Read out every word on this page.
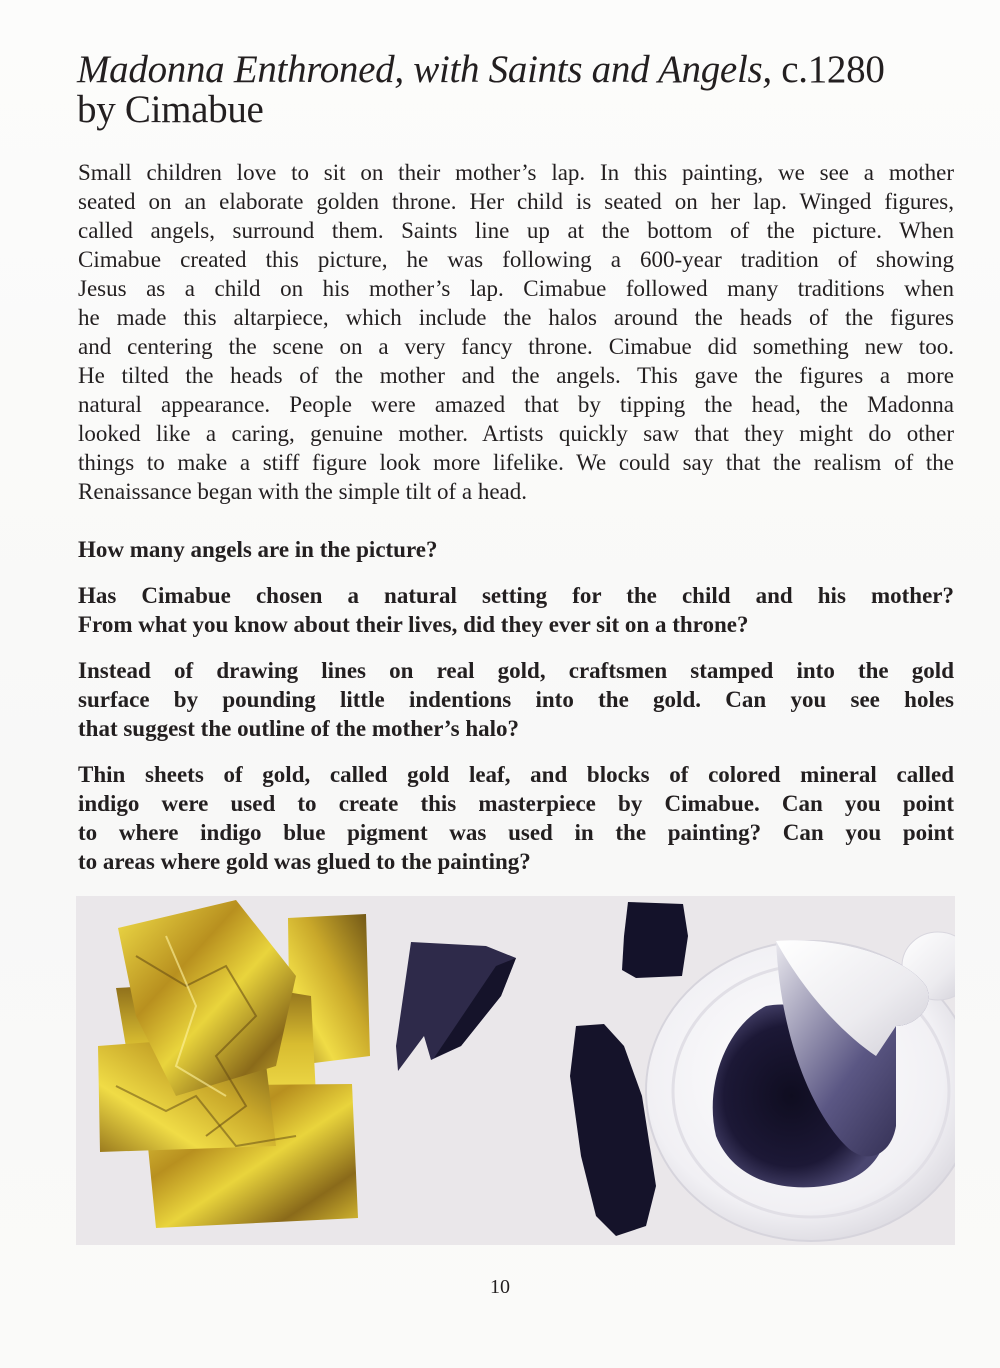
Madonna Enthroned, with Saints and Angels, c.1280
by Cimabue
Small children love to sit on their mother’s lap. In this painting, we see a mother
seated on an elaborate golden throne. Her child is seated on her lap. Winged figures,
called angels, surround them. Saints line up at the bottom of the picture. When
Cimabue created this picture, he was following a 600-year tradition of showing
Jesus as a child on his mother’s lap. Cimabue followed many traditions when
he made this altarpiece, which include the halos around the heads of the figures
and centering the scene on a very fancy throne. Cimabue did something new too.
He tilted the heads of the mother and the angels. This gave the figures a more
natural appearance. People were amazed that by tipping the head, the Madonna
looked like a caring, genuine mother. Artists quickly saw that they might do other
things to make a stiff figure look more lifelike. We could say that the realism of the
Renaissance began with the simple tilt of a head.
How many angels are in the picture?
Has Cimabue chosen a natural setting for the child and his mother?
From what you know about their lives, did they ever sit on a throne?
Instead of drawing lines on real gold, craftsmen stamped into the gold
surface by pounding little indentions into the gold. Can you see holes
that suggest the outline of the mother’s halo?
Thin sheets of gold, called gold leaf, and blocks of colored mineral called
indigo were used to create this masterpiece by Cimabue. Can you point
to where indigo blue pigment was used in the painting? Can you point
to areas where gold was glued to the painting?
10
